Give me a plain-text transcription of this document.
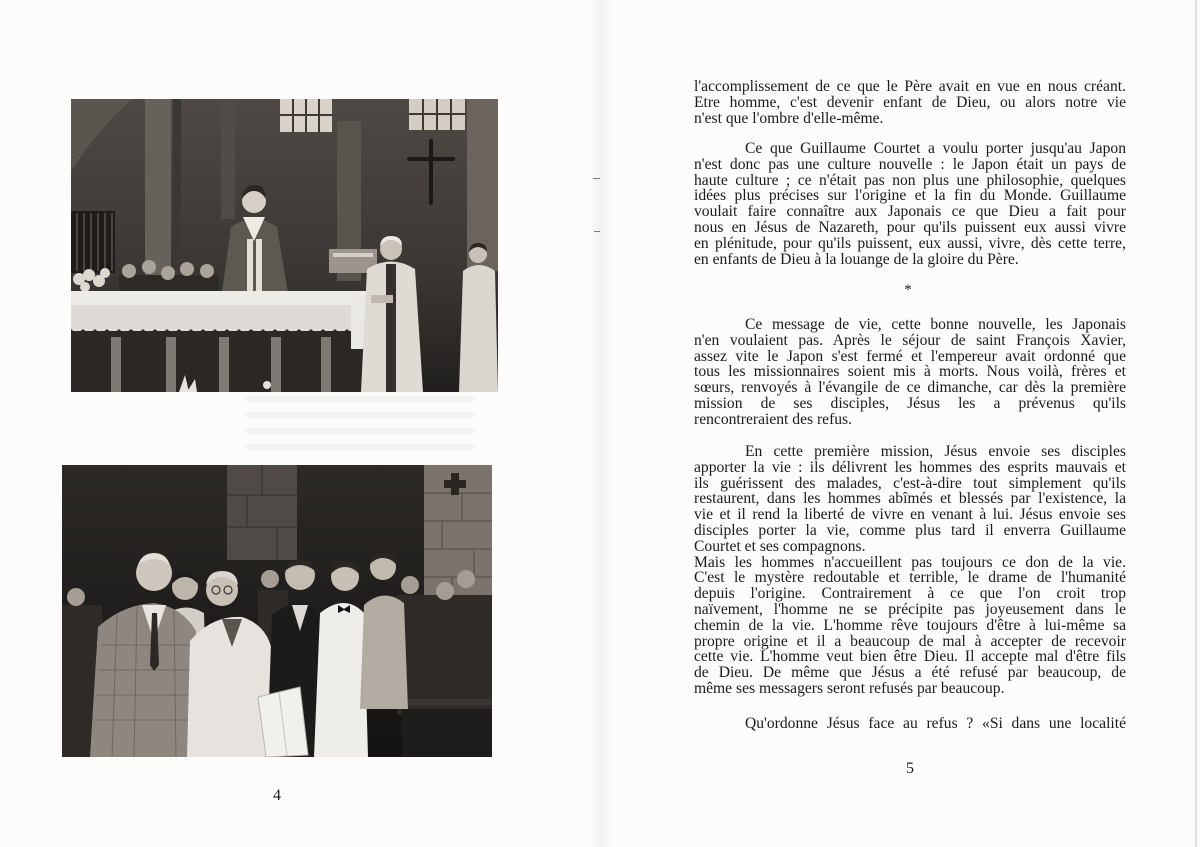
4
l'accomplissement de ce que le Père avait en vue en nous créant.
Etre homme, c'est devenir enfant de Dieu, ou alors notre vie
n'est que l'ombre d'elle-même.
Ce que Guillaume Courtet a voulu porter jusqu'au Japon
n'est donc pas une culture nouvelle : le Japon était un pays de
haute culture ; ce n'était pas non plus une philosophie, quelques
idées plus précises sur l'origine et la fin du Monde. Guillaume
voulait faire connaître aux Japonais ce que Dieu a fait pour
nous en Jésus de Nazareth, pour qu'ils puissent eux aussi vivre
en plénitude, pour qu'ils puissent, eux aussi, vivre, dès cette terre,
en enfants de Dieu à la louange de la gloire du Père.
*
Ce message de vie, cette bonne nouvelle, les Japonais
n'en voulaient pas. Après le séjour de saint François Xavier,
assez vite le Japon s'est fermé et l'empereur avait ordonné que
tous les missionnaires soient mis à morts. Nous voilà, frères et
sœurs, renvoyés à l'évangile de ce dimanche, car dès la première
mission de ses disciples, Jésus les a prévenus qu'ils
rencontreraient des refus.
En cette première mission, Jésus envoie ses disciples
apporter la vie : ils délivrent les hommes des esprits mauvais et
ils guérissent des malades, c'est-à-dire tout simplement qu'ils
restaurent, dans les hommes abîmés et blessés par l'existence, la
vie et il rend la liberté de vivre en venant à lui. Jésus envoie ses
disciples porter la vie, comme plus tard il enverra Guillaume
Courtet et ses compagnons.
Mais les hommes n'accueillent pas toujours ce don de la vie.
C'est le mystère redoutable et terrible, le drame de l'humanité
depuis l'origine. Contrairement à ce que l'on croit trop
naïvement, l'homme ne se précipite pas joyeusement dans le
chemin de la vie. L'homme rêve toujours d'être à lui-même sa
propre origine et il a beaucoup de mal à accepter de recevoir
cette vie. L'homme veut bien être Dieu. Il accepte mal d'être fils
de Dieu. De même que Jésus a été refusé par beaucoup, de
même ses messagers seront refusés par beaucoup.
Qu'ordonne Jésus face au refus ? «Si dans une localité
5
